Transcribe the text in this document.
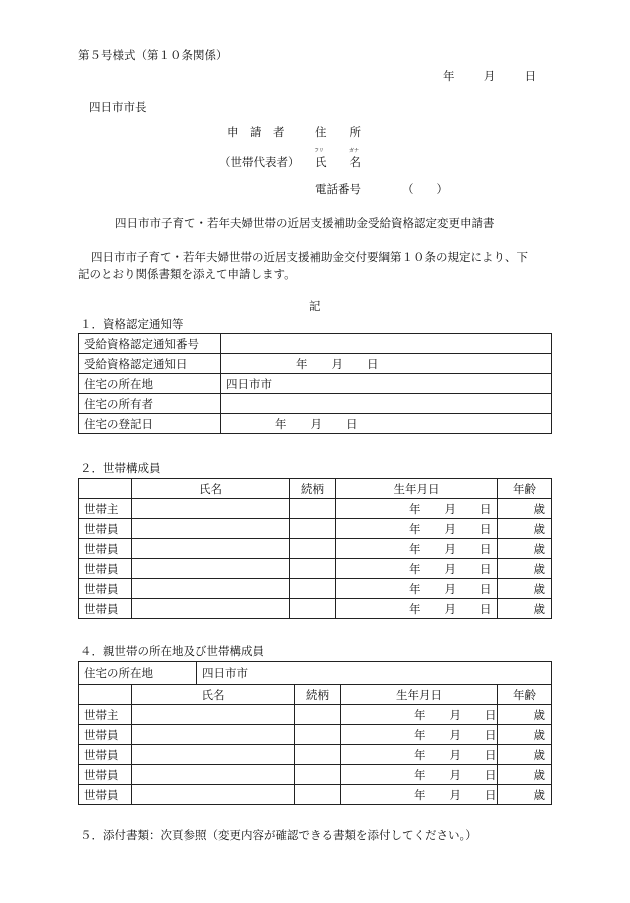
第５号様式（第１０条関係）
年	月	日
四日市市長
申　請　者	住　　所
フリ	ガナ
（世帯代表者） 氏　　名
電話番号	（　　）
四日市市子育て・若年夫婦世帯の近居支援補助金受給資格認定変更申請書
四日市市子育て・若年夫婦世帯の近居支援補助金交付要綱第１０条の規定により、下
記のとおり関係書類を添えて申請します。
記
１．資格認定通知等
受給資格認定通知番号	
受給資格認定通知日	年 月 日
住宅の所在地	四日市市
住宅の所有者	
住宅の登記日	年 月 日
２．世帯構成員
	氏名	続柄	生年月日	年齢
世帯主			年 月 日	歳
世帯員			年 月 日	歳
世帯員			年 月 日	歳
世帯員			年 月 日	歳
世帯員			年 月 日	歳
世帯員			年 月 日	歳
４．親世帯の所在地及び世帯構成員
住宅の所在地		四日市市			
	氏名		続柄	生年月日	年齢
世帯主				年 月 日	歳
世帯員				年 月 日	歳
世帯員				年 月 日	歳
世帯員				年 月 日	歳
世帯員				年 月 日	歳
５．添付書類：次頁参照（変更内容が確認できる書類を添付してください。）
